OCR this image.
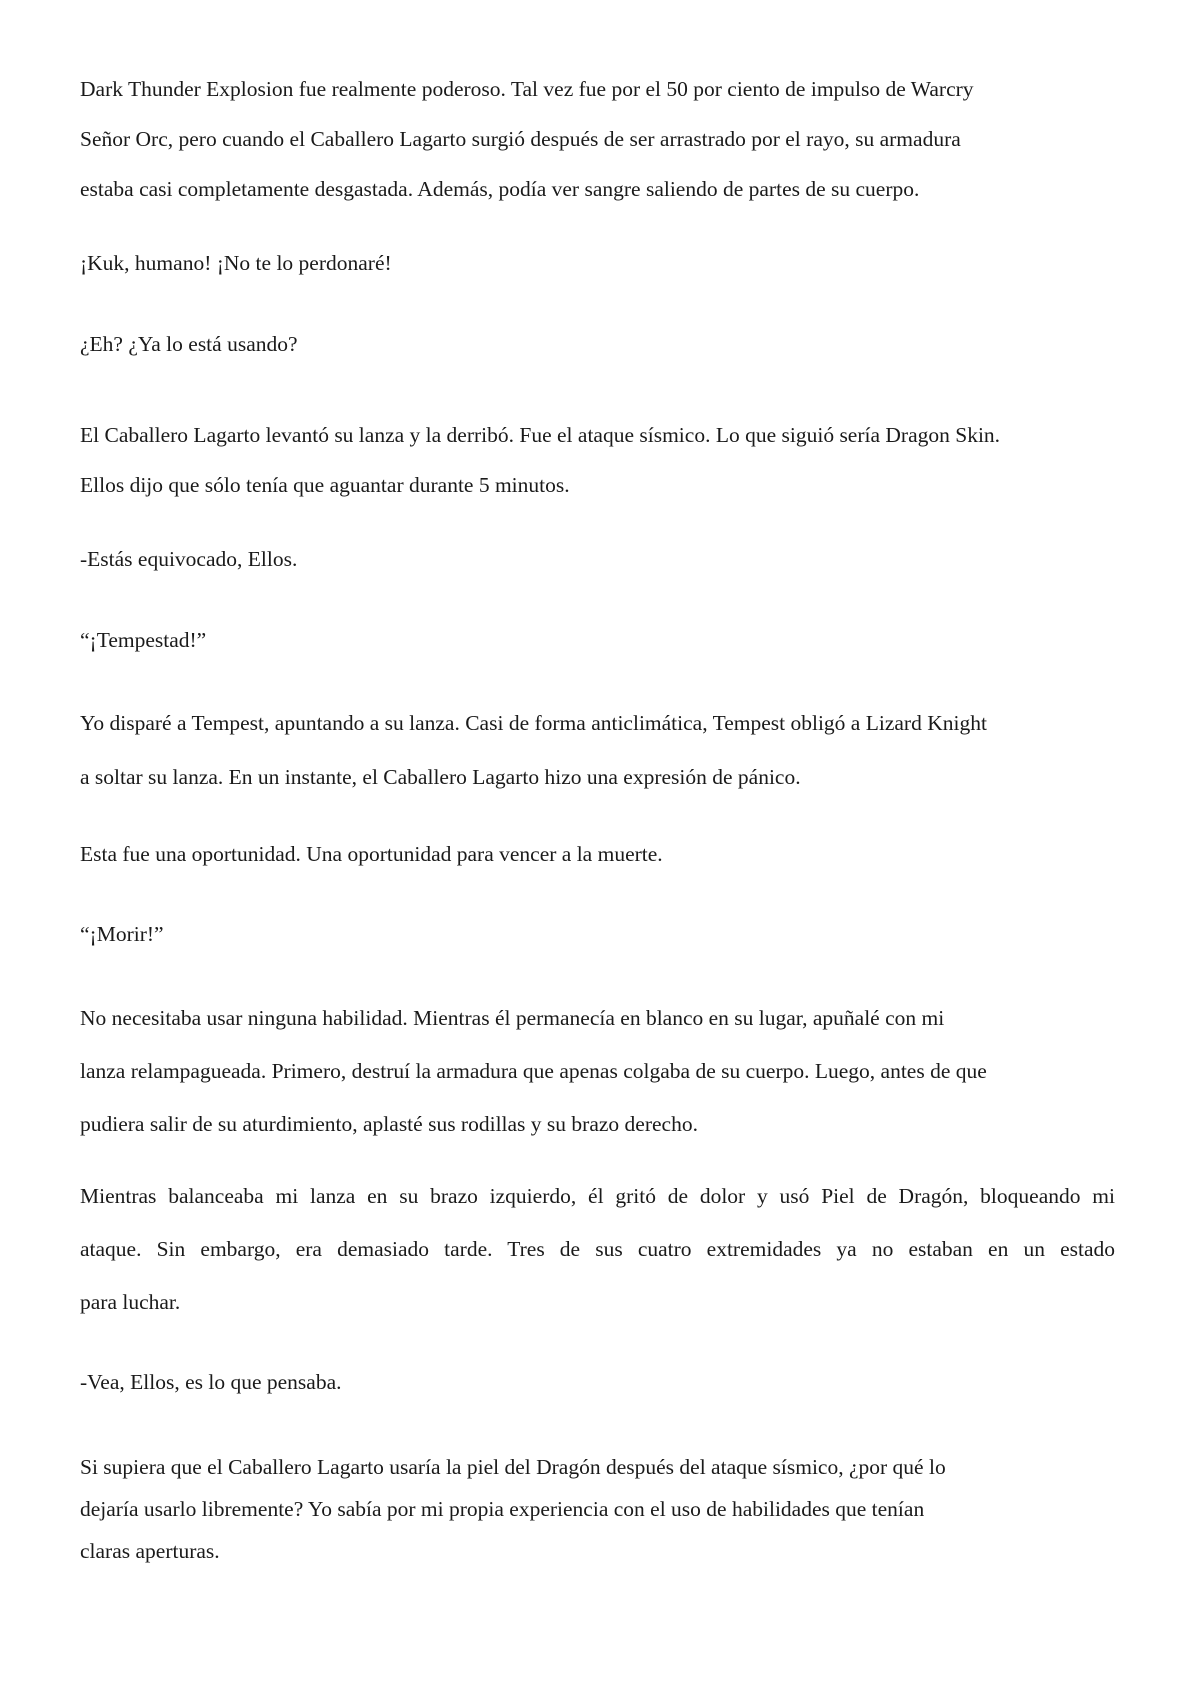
Dark Thunder Explosion fue realmente poderoso. Tal vez fue por el 50 por ciento de impulso de Warcry
Señor Orc, pero cuando el Caballero Lagarto surgió después de ser arrastrado por el rayo, su armadura
estaba casi completamente desgastada. Además, podía ver sangre saliendo de partes de su cuerpo.
¡Kuk, humano! ¡No te lo perdonaré!
¿Eh? ¿Ya lo está usando?
El Caballero Lagarto levantó su lanza y la derribó. Fue el ataque sísmico. Lo que siguió sería Dragon Skin.
Ellos dijo que sólo tenía que aguantar durante 5 minutos.
-Estás equivocado, Ellos.
“¡Tempestad!”
Yo disparé a Tempest, apuntando a su lanza. Casi de forma anticlimática, Tempest obligó a Lizard Knight
a soltar su lanza. En un instante, el Caballero Lagarto hizo una expresión de pánico.
Esta fue una oportunidad. Una oportunidad para vencer a la muerte.
“¡Morir!”
No necesitaba usar ninguna habilidad. Mientras él permanecía en blanco en su lugar, apuñalé con mi
lanza relampagueada. Primero, destruí la armadura que apenas colgaba de su cuerpo. Luego, antes de que
pudiera salir de su aturdimiento, aplasté sus rodillas y su brazo derecho.
Mientras balanceaba mi lanza en su brazo izquierdo, él gritó de dolor y usó Piel de Dragón, bloqueando mi
ataque. Sin embargo, era demasiado tarde. Tres de sus cuatro extremidades ya no estaban en un estado
para luchar.
-Vea, Ellos, es lo que pensaba.
Si supiera que el Caballero Lagarto usaría la piel del Dragón después del ataque sísmico, ¿por qué lo
dejaría usarlo libremente? Yo sabía por mi propia experiencia con el uso de habilidades que tenían
claras aperturas.
